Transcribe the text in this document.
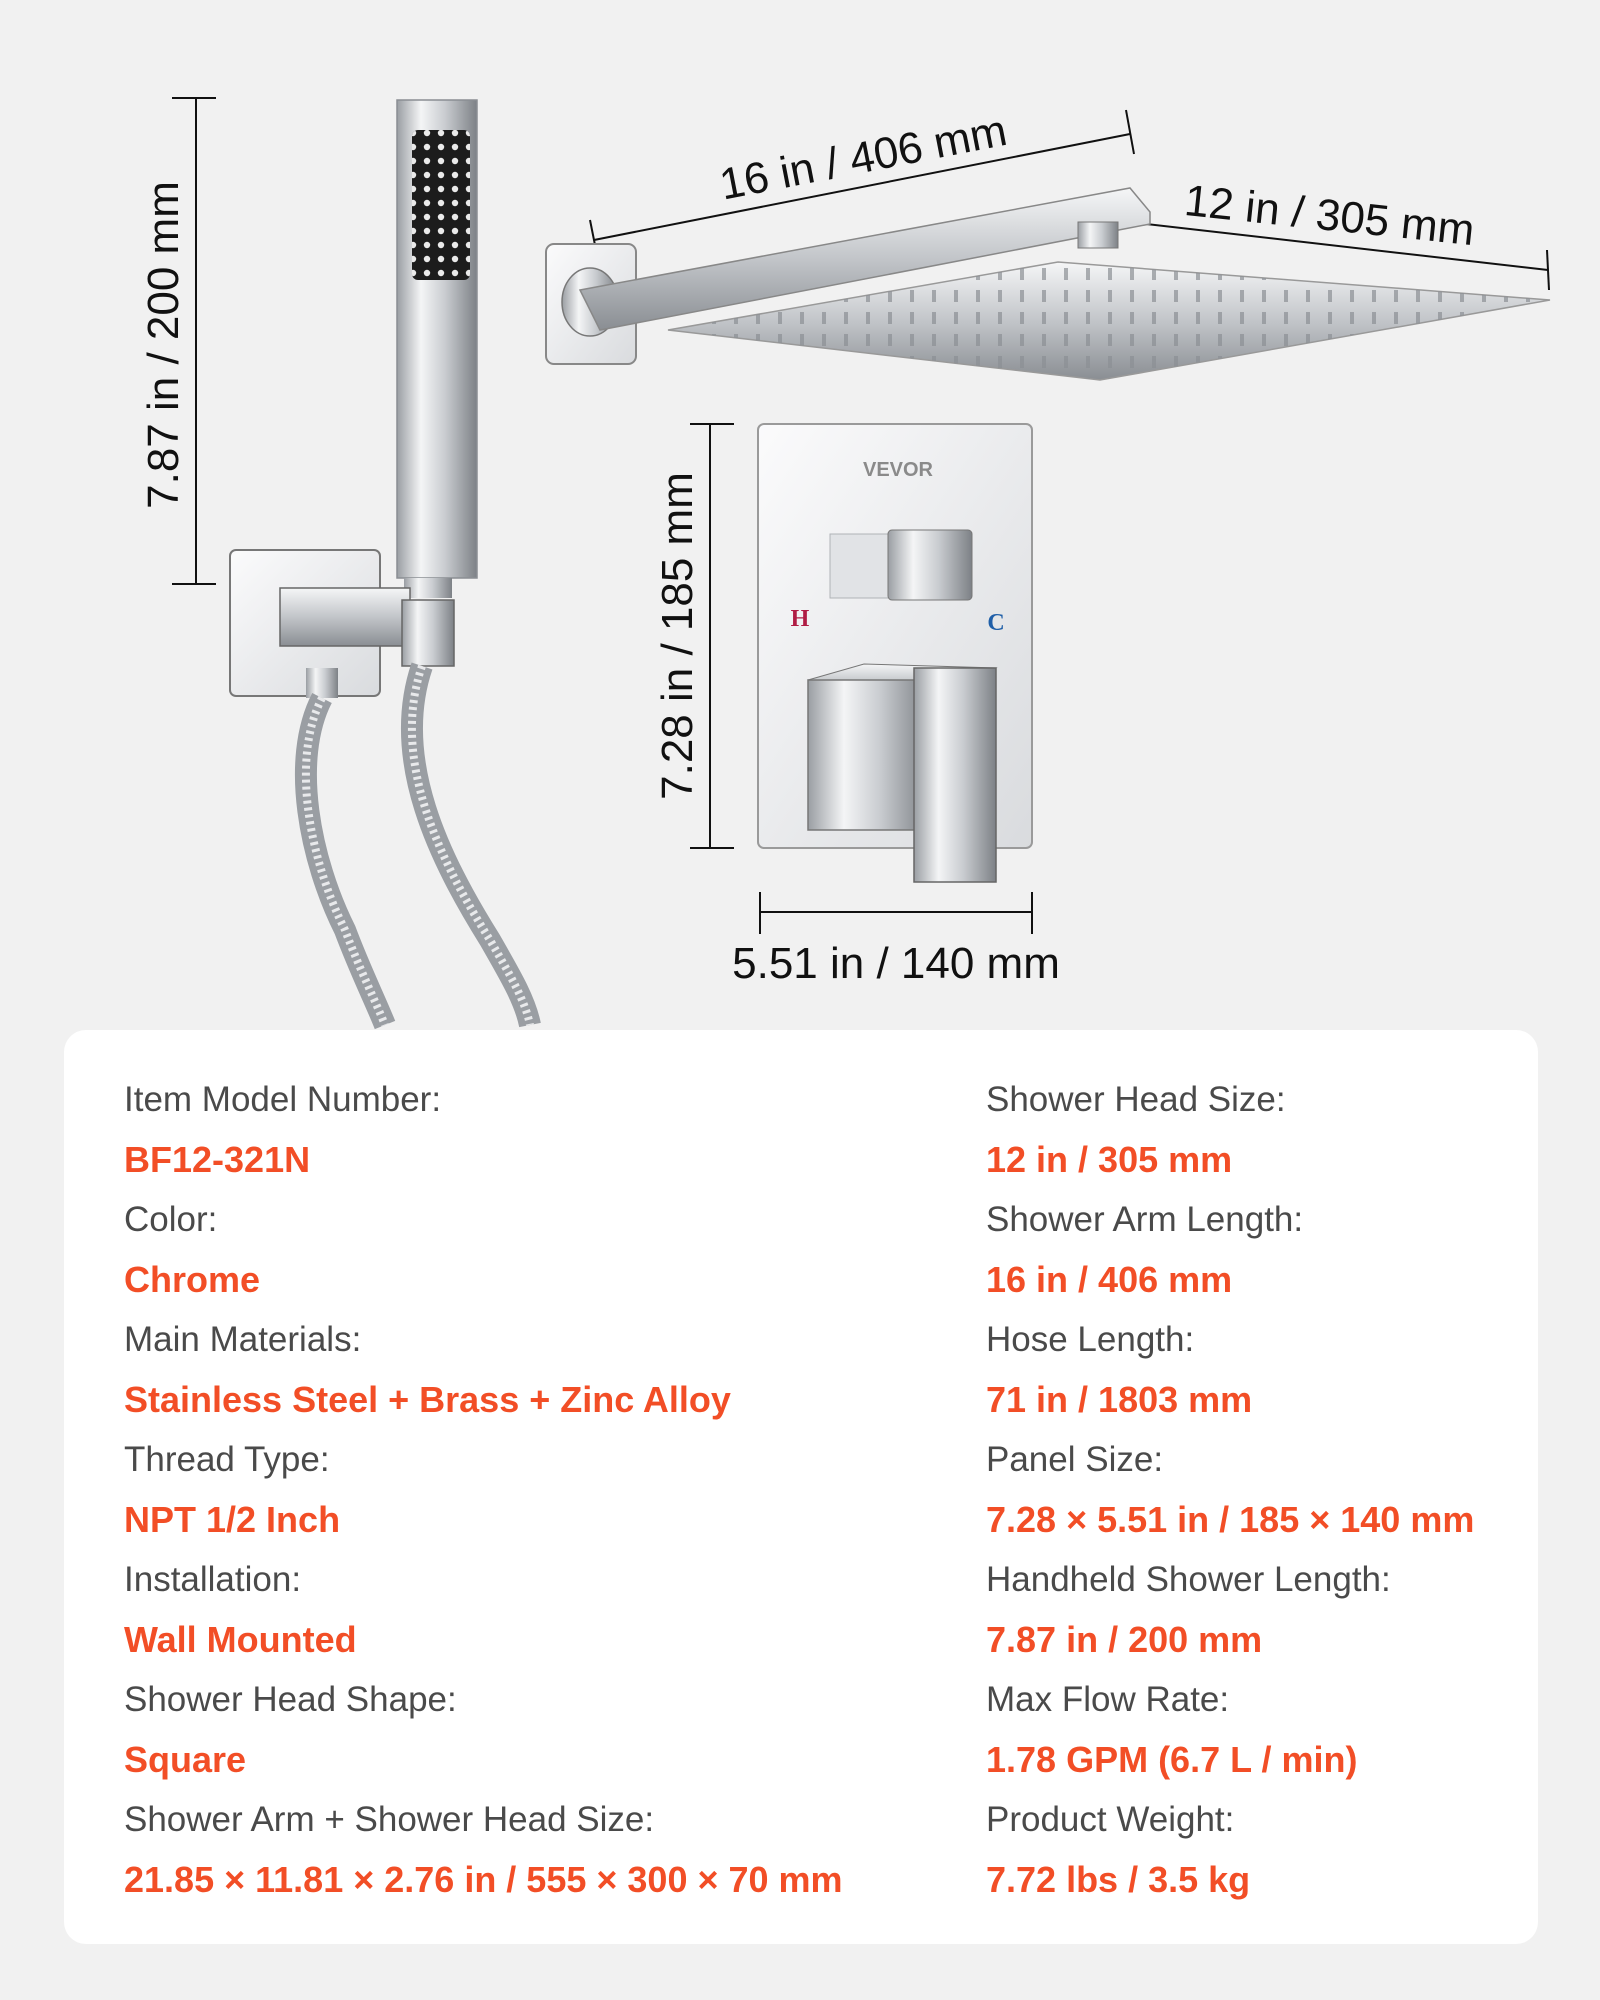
7.87 in / 200 mm
16 in / 406 mm
12 in / 305 mm
7.28 in / 185 mm
VEVOR
H	C
5.51 in / 140 mm
Item Model Number:
BF12-321N
Color:
Chrome
Main Materials:
Stainless Steel + Brass + Zinc Alloy
Thread Type:
NPT 1/2 Inch
Installation:
Wall Mounted
Shower Head Shape:
Square
Shower Arm + Shower Head Size:
21.85 × 11.81 × 2.76 in / 555 × 300 × 70 mm
Shower Head Size:
12 in / 305 mm
Shower Arm Length:
16 in / 406 mm
Hose Length:
71 in / 1803 mm
Panel Size:
7.28 × 5.51 in / 185 × 140 mm
Handheld Shower Length:
7.87 in / 200 mm
Max Flow Rate:
1.78 GPM (6.7 L / min)
Product Weight:
7.72 lbs / 3.5 kg
